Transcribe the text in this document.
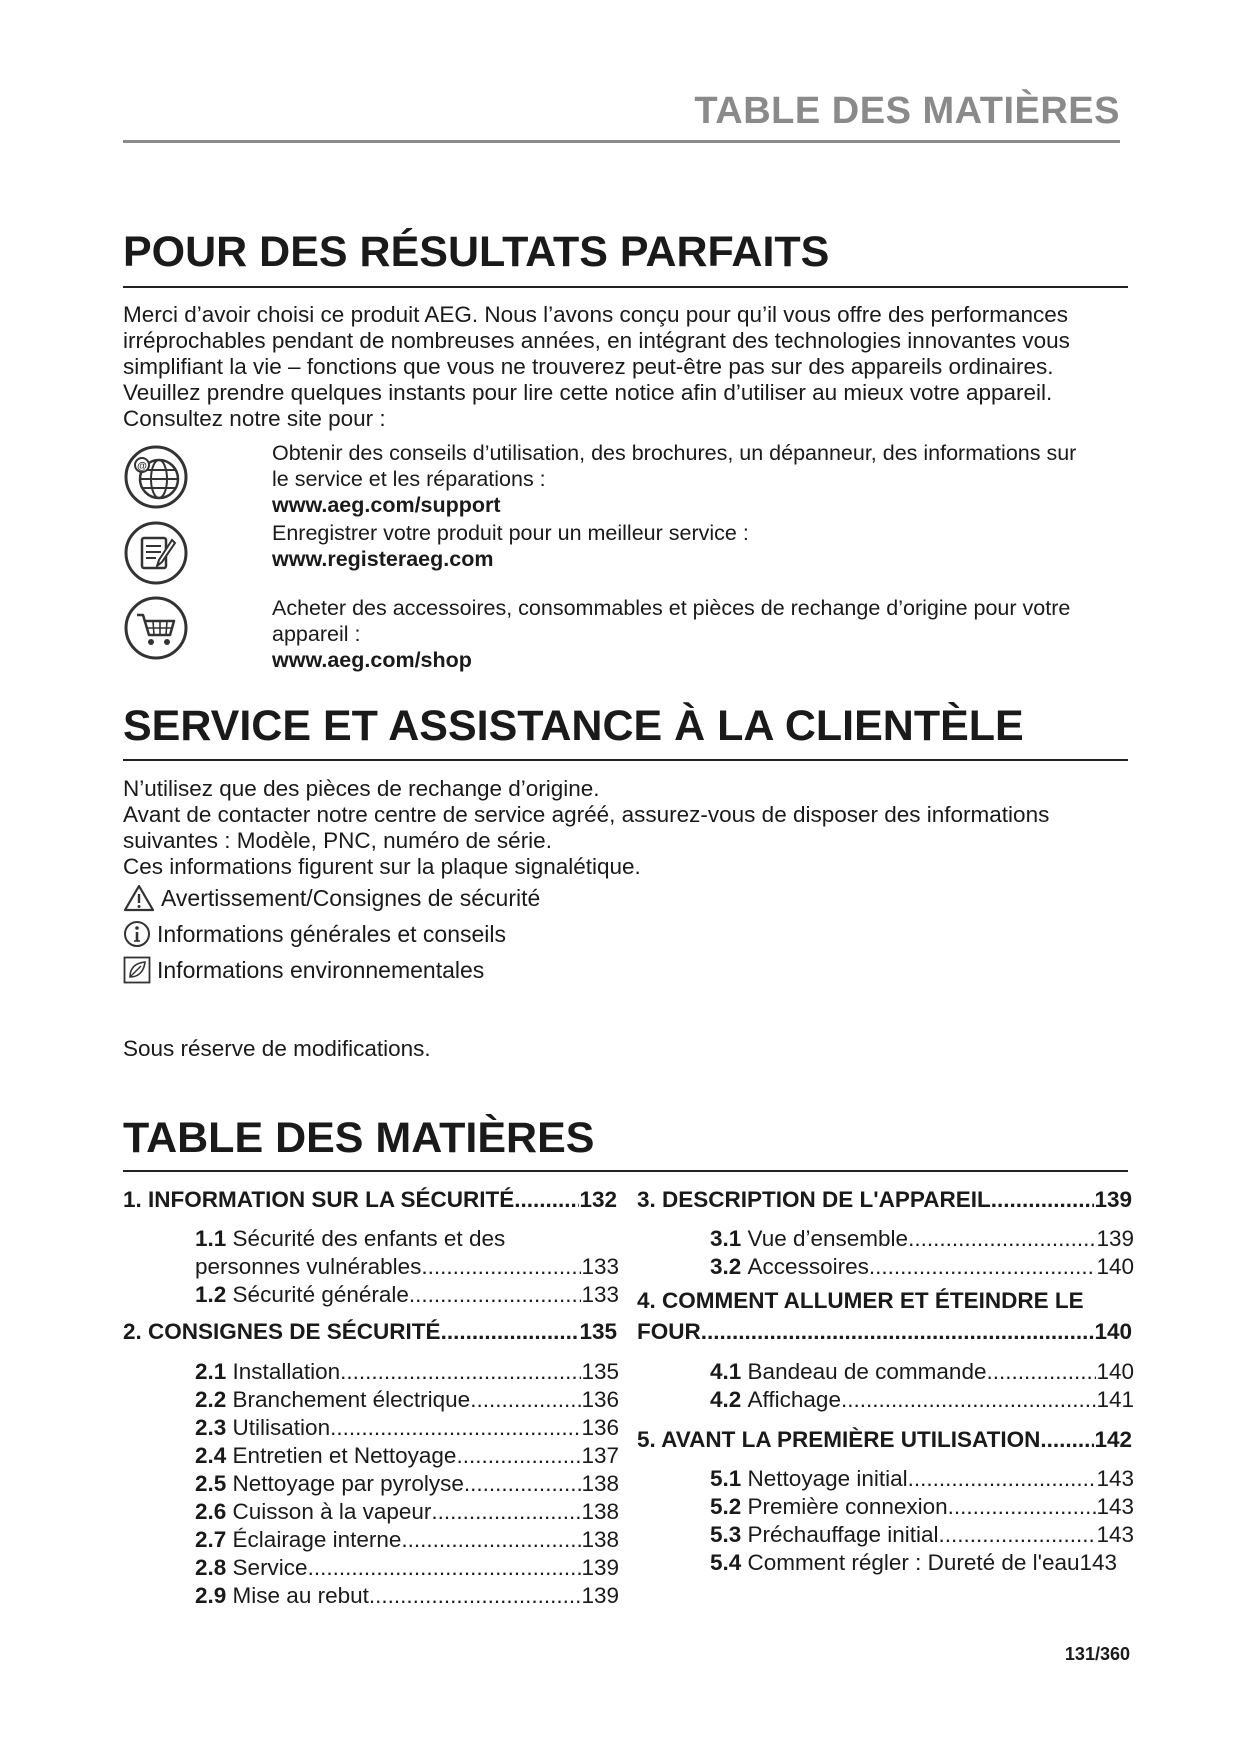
TABLE DES MATIÈRES
POUR DES RÉSULTATS PARFAITS

Merci d’avoir choisi ce produit AEG. Nous l’avons conçu pour qu’il vous offre des performances

irréprochables pendant de nombreuses années, en intégrant des technologies innovantes vous

simplifiant la vie – fonctions que vous ne trouverez peut-être pas sur des appareils ordinaires.

Veuillez prendre quelques instants pour lire cette notice afin d’utiliser au mieux votre appareil.

Consultez notre site pour :

@
Obtenir des conseils d’utilisation, des brochures, un dépanneur, des informations sur
le service et les réparations :
www.aeg.com/support
Enregistrer votre produit pour un meilleur service :
www.registeraeg.com
Acheter des accessoires, consommables et pièces de rechange d’origine pour votre
appareil :
www.aeg.com/shop
SERVICE ET ASSISTANCE À LA CLIENTÈLE

N’utilisez que des pièces de rechange d’origine.

Avant de contacter notre centre de service agréé, assurez-vous de disposer des informations

suivantes : Modèle, PNC, numéro de série.

Ces informations figurent sur la plaque signalétique.

Avertissement/Consignes de sécurité
Informations générales et conseils
Informations environnementales
Sous réserve de modifications.
TABLE DES MATIÈRES
1. INFORMATION SUR LA SÉCURITÉ .....	132
1.1 Sécurité des enfants et des
personnes vulnérables .....	133
1.2
Sécurité générale .....	133
2. CONSIGNES DE SÉCURITÉ .....	135
2.1
Installation .....	135
2.2
Branchement électrique .....	136
2.3
Utilisation .....	136
2.4
Entretien et Nettoyage .....	137
2.5
Nettoyage par pyrolyse .....	138
2.6
Cuisson à la vapeur .....	138
2.7
Éclairage interne .....	138
2.8
Service .....	139
2.9
Mise au rebut .....	139
3. DESCRIPTION DE L'APPAREIL .....	139
3.1
Vue d’ensemble .....	139
3.2
Accessoires .....	140
4. COMMENT ALLUMER ET ÉTEINDRE LE
FOUR .....	140
4.1
Bandeau de commande .....	140
4.2
Affichage .....	141
5. AVANT LA PREMIÈRE UTILISATION ..... 142
5.1
Nettoyage initial .....	143
5.2
Première connexion .....	143
5.3
Préchauffage initial .....	143
5.4 Comment régler : Dureté de l'eau143
131/360
